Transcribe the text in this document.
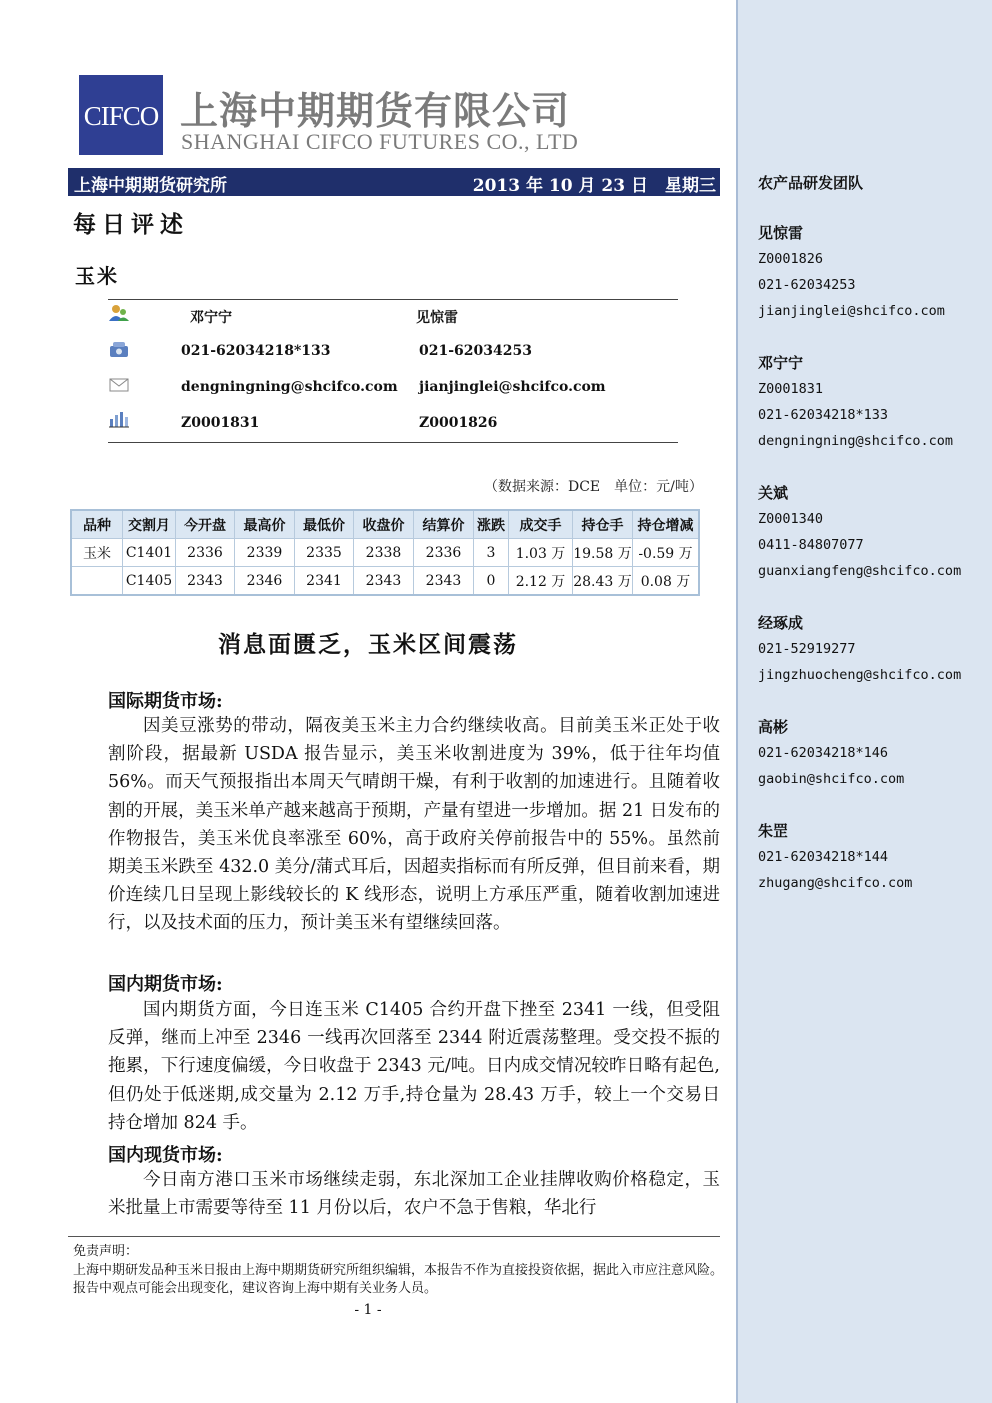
农产品研发团队
见惊雷
Z0001826
021-62034253
jianjinglei@shcifco.com
邓宁宁
Z0001831
021-62034218*133
dengningning@shcifco.com
关斌
Z0001340
0411-84807077
guanxiangfeng@shcifco.com
经琢成
021-52919277
jingzhuocheng@shcifco.com
高彬
021-62034218*146
gaobin@shcifco.com
朱罡
021-62034218*144
zhugang@shcifco.com
CIFCO 上海中期期货有限公司
SHANGHAI CIFCO FUTURES CO., LTD
上海中期期货研究所	2013 年 10 月 23 日　星期三
每日评述
玉米
邓宁宁	见惊雷
021-62034218*133	021-62034253
dengningning@shcifco.com jianjinglei@shcifco.com
Z0001831	Z0001826
（数据来源：DCE　单位：元/吨）
品种	交割月	今开盘	最高价	最低价	收盘价	结算价	涨跌	成交手	持仓手	持仓增减
玉米	C1401	2336	2339	2335	2338	2336	3	1.03 万	19.58 万	-0.59 万
	C1405	2343	2346	2341	2343	2343	0	2.12 万	28.43 万	0.08 万
消息面匮乏，玉米区间震荡
国际期货市场:
因美豆涨势的带动，隔夜美玉米主力合约继续收高。目前美玉米正处于收割阶段，据最新 USDA 报告显示，美玉米收割进度为 39%，低于往年均值 56%。而天气预报指出本周天气晴朗干燥，有利于收割的加速进行。且随着收割的开展，美玉米单产越来越高于预期，产量有望进一步增加。据 21 日发布的作物报告，美玉米优良率涨至 60%，高于政府关停前报告中的 55%。虽然前期美玉米跌至 432.0 美分/蒲式耳后，因超卖指标而有所反弹，但目前来看，期价连续几日呈现上影线较长的 K 线形态，说明上方承压严重，随着收割加速进行，以及技术面的压力，预计美玉米有望继续回落。
国内期货市场:
国内期货方面，今日连玉米 C1405 合约开盘下挫至 2341 一线，但受阻反弹，继而上冲至 2346 一线再次回落至 2344 附近震荡整理。受交投不振的拖累，下行速度偏缓，今日收盘于 2343 元/吨。日内成交情况较昨日略有起色,但仍处于低迷期,成交量为 2.12 万手,持仓量为 28.43 万手，较上一个交易日持仓增加 824 手。
国内现货市场:
今日南方港口玉米市场继续走弱，东北深加工企业挂牌收购价格稳定，玉米批量上市需要等待至 11 月份以后，农户不急于售粮，华北行
免责声明：
上海中期研发品种玉米日报由上海中期期货研究所组织编辑，本报告不作为直接投资依据，据此入市应注意风险。报告中观点可能会出现变化，建议咨询上海中期有关业务人员。
- 1 -
